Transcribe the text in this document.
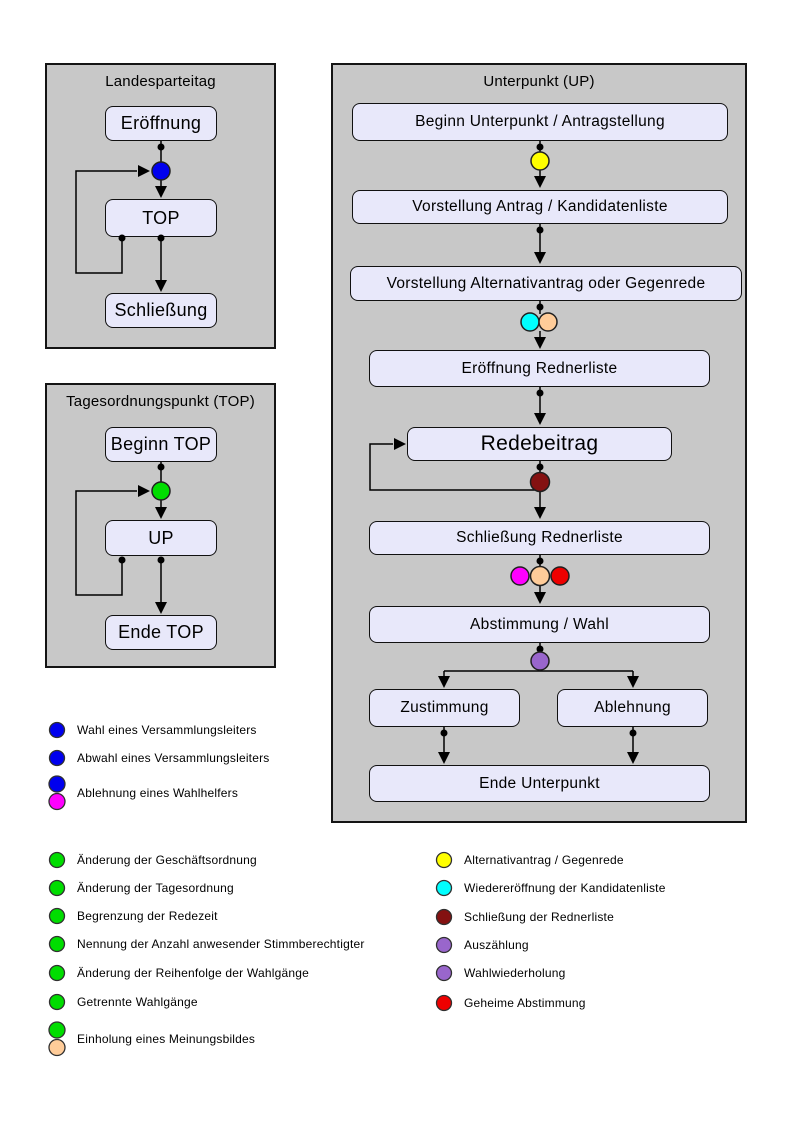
Landesparteitag
Tagesordnungspunkt (TOP)
Unterpunkt (UP)
Eröffnung
TOP
Schließung
Beginn TOP
UP
Ende TOP
Beginn Unterpunkt / Antragstellung
Vorstellung Antrag / Kandidatenliste
Vorstellung Alternativantrag oder Gegenrede
Eröffnung Rednerliste
Redebeitrag
Schließung Rednerliste
Abstimmung / Wahl
Zustimmung	Ablehnung
Ende Unterpunkt
Wahl eines Versammlungsleiters
Abwahl eines Versammlungsleiters
Ablehnung eines Wahlhelfers
Änderung der Geschäftsordnung
Änderung der Tagesordnung
Begrenzung der Redezeit
Nennung der Anzahl anwesender Stimmberechtigter
Änderung der Reihenfolge der Wahlgänge
Getrennte Wahlgänge
Einholung eines Meinungsbildes
Alternativantrag / Gegenrede
Wiedereröffnung der Kandidatenliste
Schließung der Rednerliste
Auszählung
Wahlwiederholung
Geheime Abstimmung
